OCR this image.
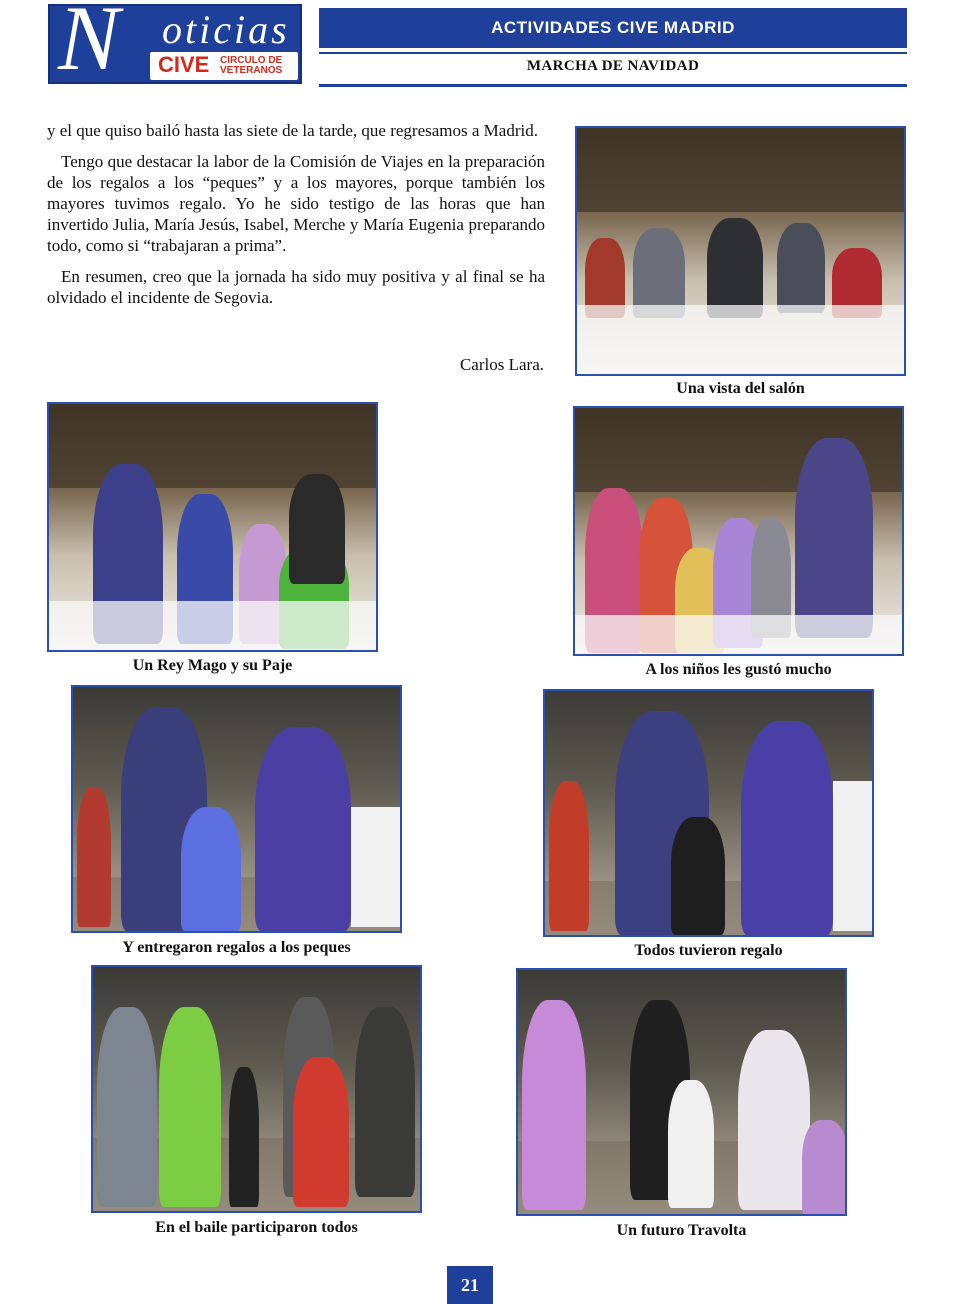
N oticias
CIVE CIRCULO DE
VETERANOS
ACTIVIDADES CIVE MADRID
MARCHA DE NAVIDAD

y el que quiso bailó hasta las siete de la tarde, que regresamos a Madrid.

Tengo que destacar la labor de la Comisión de Viajes en la preparación de los regalos a los “peques” y a los mayores, porque también los mayores tuvimos regalo. Yo he sido testigo de las horas que han invertido Julia, María Jesús, Isabel, Merche y María Eugenia preparando todo, como si “trabajaran a prima”.

En resumen, creo que la jornada ha sido muy positiva y al final se ha olvidado el incidente de Segovia.

Carlos Lara.
Una vista del salón
Un Rey Mago y su Paje	A los niños les gustó mucho
Y entregaron regalos a los peques	Todos tuvieron regalo
En el baile participaron todos	Un futuro Travolta
21
